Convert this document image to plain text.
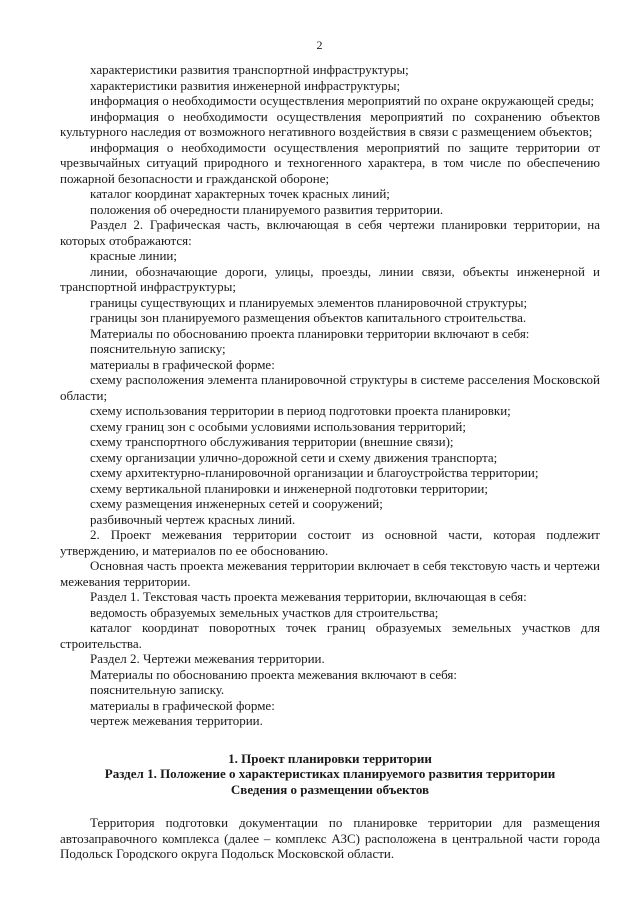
2

характеристики развития транспортной инфраструктуры;

характеристики развития инженерной инфраструктуры;

информация о необходимости осуществления мероприятий по охране окружающей среды;

информация о необходимости осуществления мероприятий по сохранению объектов культурного наследия от возможного негативного воздействия в связи с размещением объектов;

информация о необходимости осуществления мероприятий по защите территории от чрезвычайных ситуаций природного и техногенного характера, в том числе по обеспечению пожарной безопасности и гражданской обороне;

каталог координат характерных точек красных линий;

положения об очередности планируемого развития территории.

Раздел 2. Графическая часть, включающая в себя чертежи планировки территории, на которых отображаются:

красные линии;

линии, обозначающие дороги, улицы, проезды, линии связи, объекты инженерной и транспортной инфраструктуры;

границы существующих и планируемых элементов планировочной структуры;

границы зон планируемого размещения объектов капитального строительства.

Материалы по обоснованию проекта планировки территории включают в себя:

пояснительную записку;

материалы в графической форме:

схему расположения элемента планировочной структуры в системе расселения Московской области;

схему использования территории в период подготовки проекта планировки;

схему границ зон с особыми условиями использования территорий;

схему транспортного обслуживания территории (внешние связи);

схему организации улично-дорожной сети и схему движения транспорта;

схему архитектурно-планировочной организации и благоустройства территории;

схему вертикальной планировки и инженерной подготовки территории;

схему размещения инженерных сетей и сооружений;

разбивочный чертеж красных линий.

2. Проект межевания территории состоит из основной части, которая подлежит утверждению, и материалов по ее обоснованию.

Основная часть проекта межевания территории включает в себя текстовую часть и чертежи межевания территории.

Раздел 1. Текстовая часть проекта межевания территории, включающая в себя:

ведомость образуемых земельных участков для строительства;

каталог координат поворотных точек границ образуемых земельных участков для строительства.

Раздел 2. Чертежи межевания территории.

Материалы по обоснованию проекта межевания включают в себя:

пояснительную записку.

материалы в графической форме:

чертеж межевания территории.

1. Проект планировки территории

Раздел 1. Положение о характеристиках планируемого развития территории

Сведения о размещении объектов

Территория подготовки документации по планировке территории для размещения автозаправочного комплекса (далее – комплекс АЗС) расположена в центральной части города Подольск Городского округа Подольск Московской области.
